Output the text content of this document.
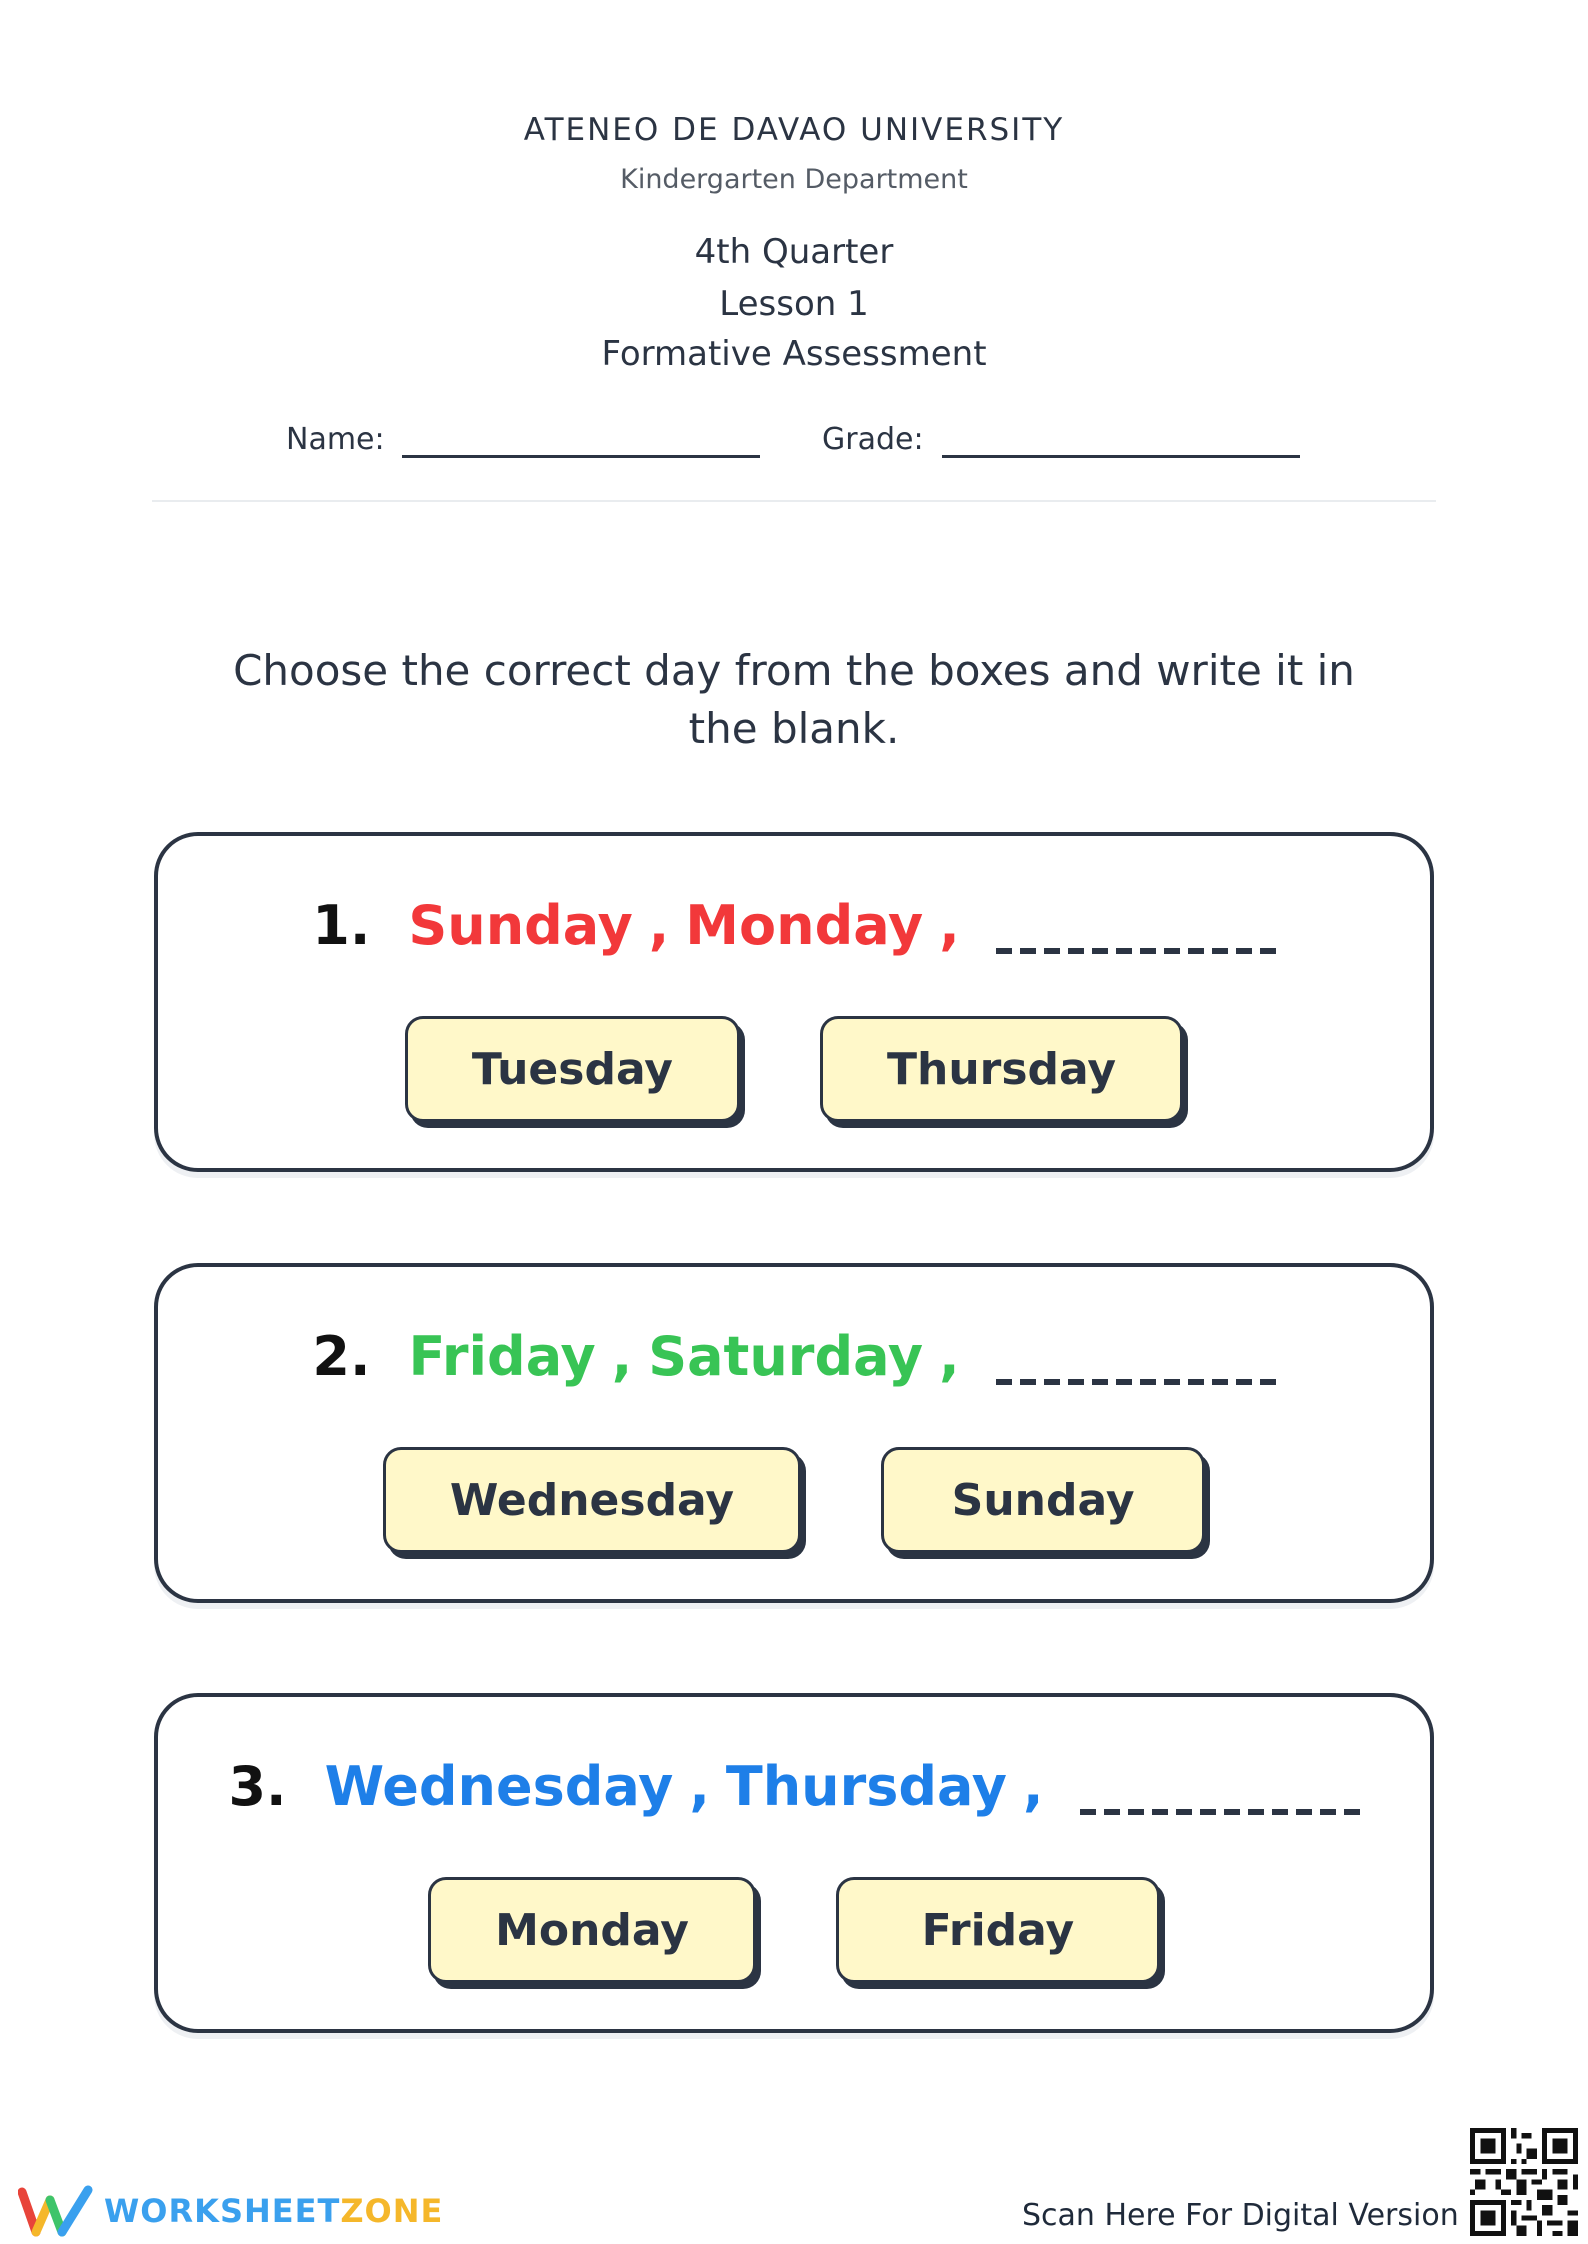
ATENEO DE DAVAO UNIVERSITY
Kindergarten Department
4th Quarter
Lesson 1
Formative Assessment
Name:	Grade:
Choose the correct day from the boxes and write it in the blank.
1. Sunday , Monday ,
Tuesday	Thursday
2. Friday , Saturday ,
Wednesday	Sunday
3. Wednesday , Thursday ,
Monday	Friday
WORKSHEETZONE	Scan Here For Digital Version
